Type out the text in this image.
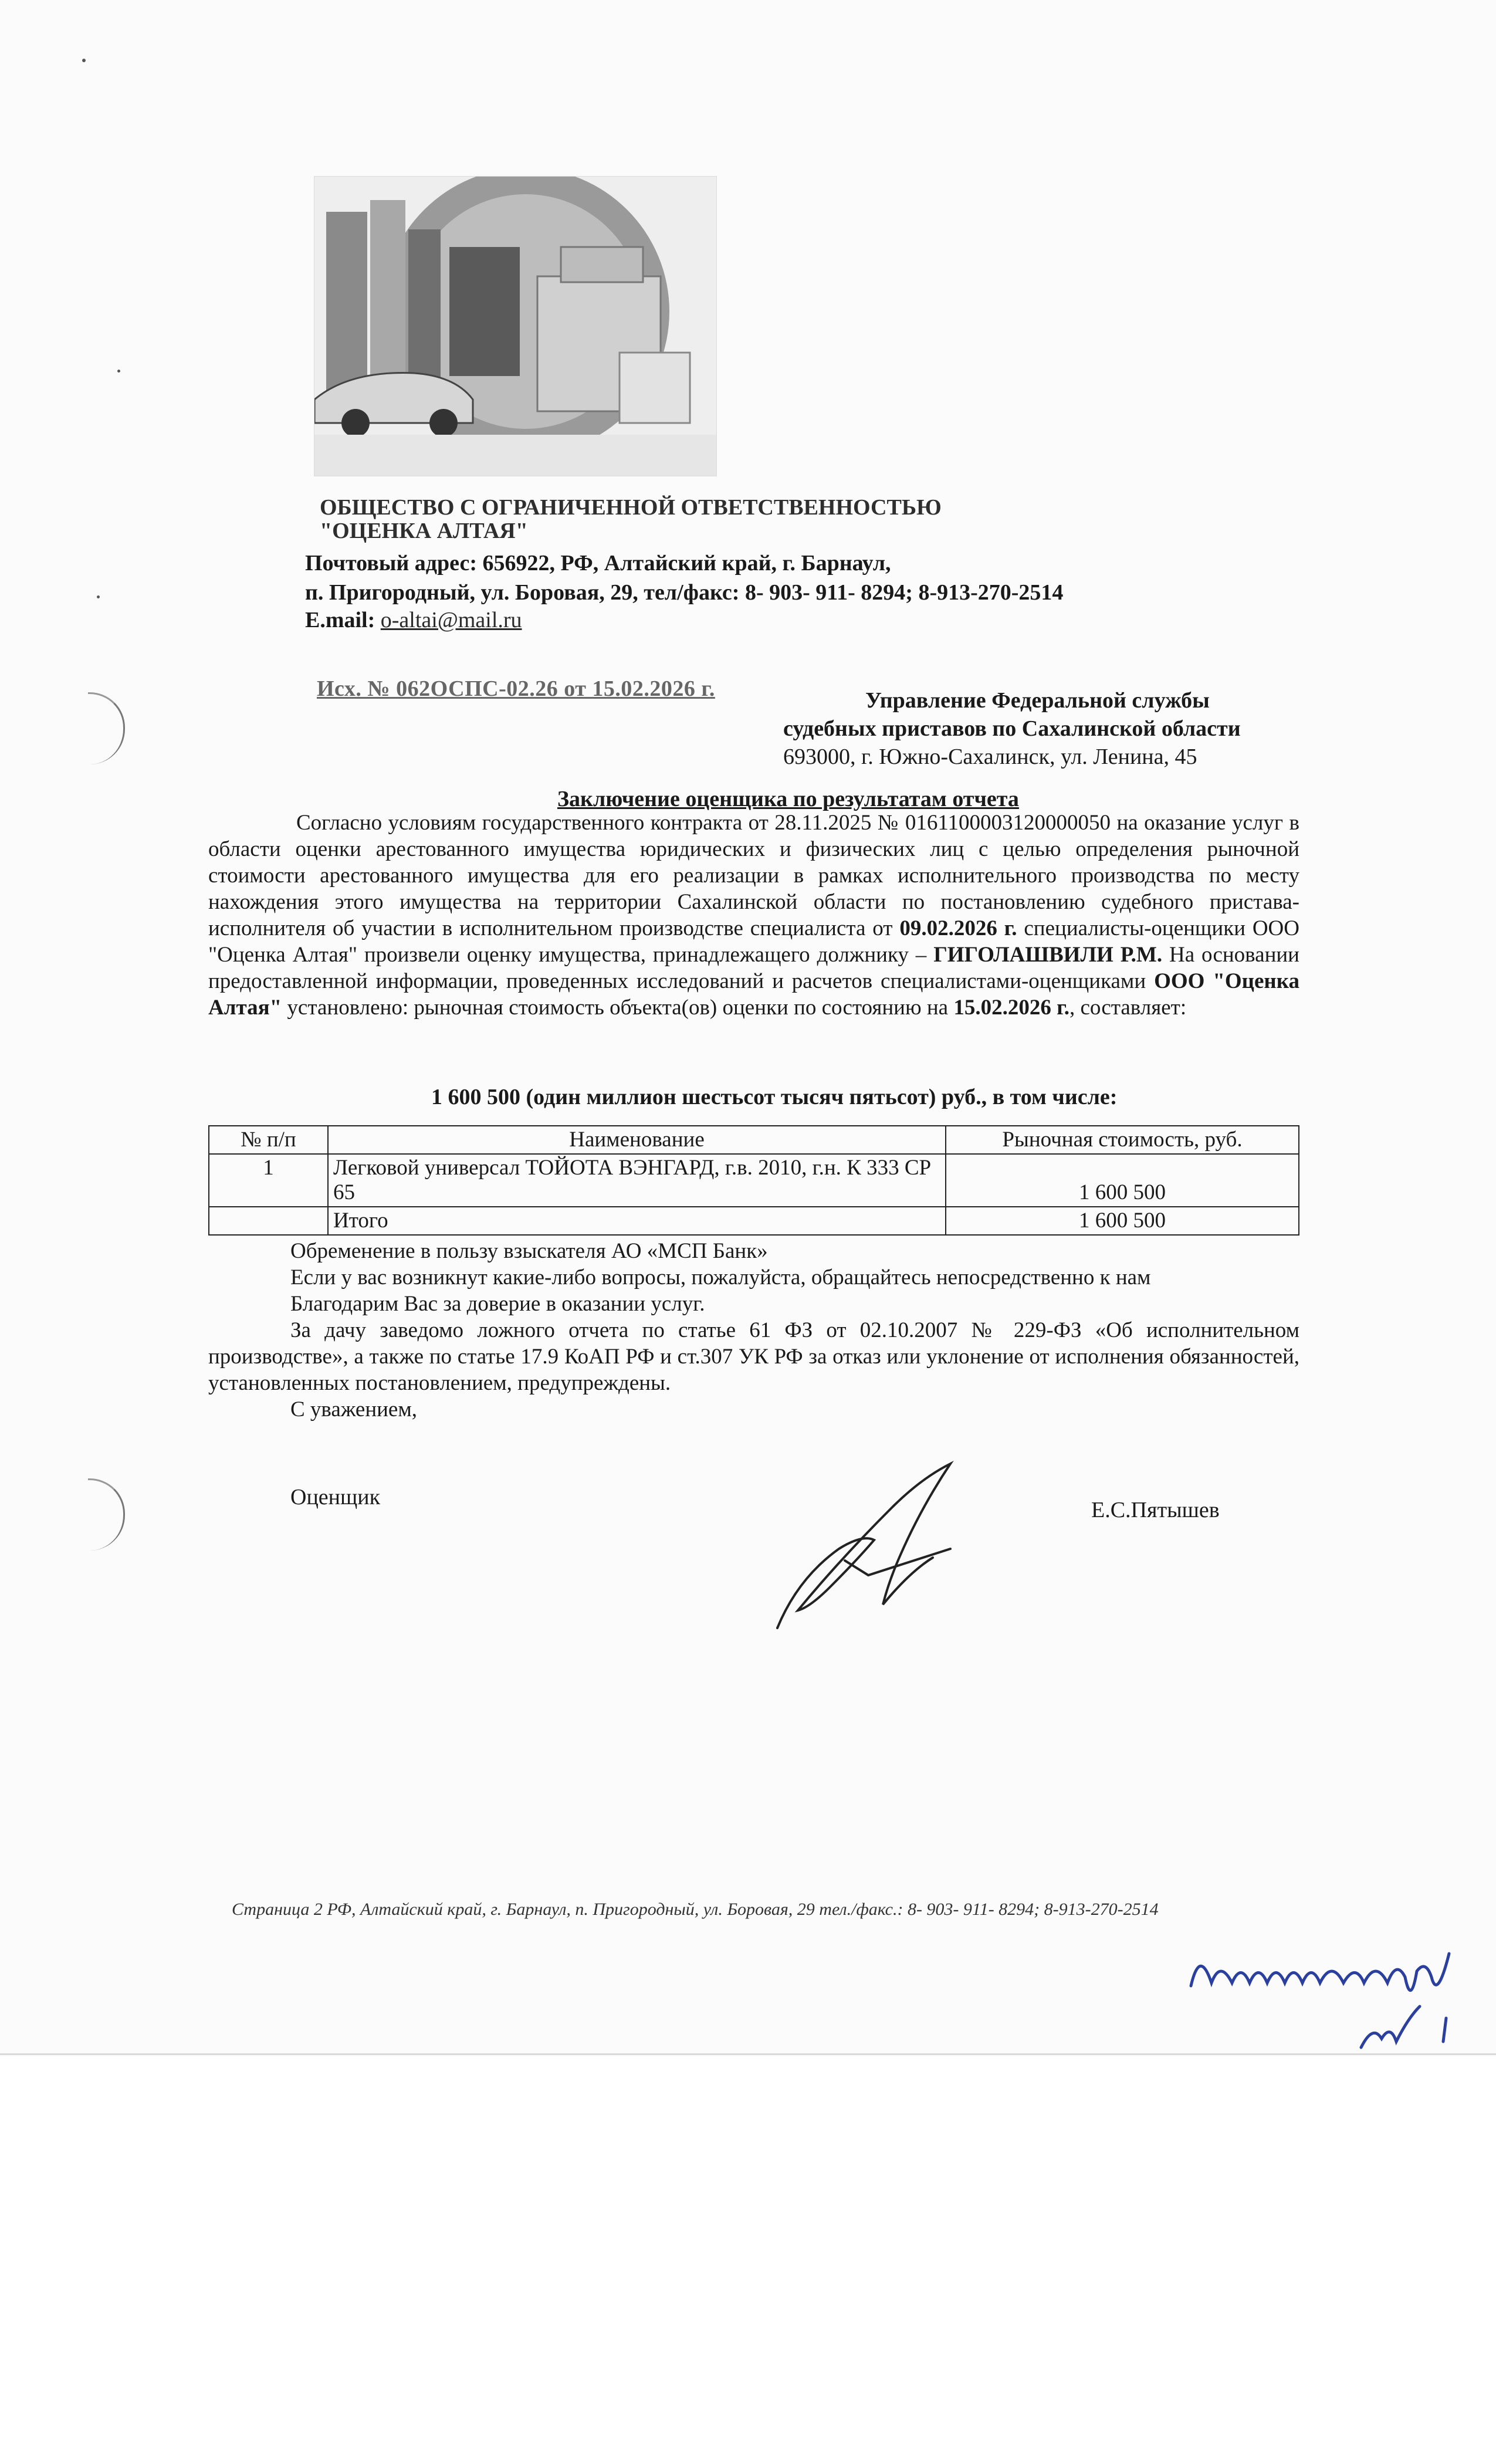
ОБЩЕСТВО С ОГРАНИЧЕННОЙ ОТВЕТСТВЕННОСТЬЮ
"ОЦЕНКА АЛТАЯ"
Почтовый адрес: 656922, РФ, Алтайский край, г. Барнаул,
п. Пригородный, ул. Боровая, 29, тел/факс: 8- 903- 911- 8294; 8-913-270-2514
E.mail: o-altai@mail.ru
Исх. № 062ОСПС-02.26 от 15.02.2026 г.	Управление Федеральной службы
судебных приставов по Сахалинской области
693000, г. Южно-Сахалинск, ул. Ленина, 45
Заключение оценщика по результатам отчета
Согласно условиям государственного контракта от 28.11.2025 № 0161100003120000050 на оказание услуг в области оценки арестованного имущества юридических и физических лиц с целью определения рыночной стоимости арестованного имущества для его реализации в рамках исполнительного производства по месту нахождения этого имущества на территории Сахалинской области по постановлению судебного пристава-исполнителя об участии в исполнительном производстве специалиста от 09.02.2026 г. специалисты-оценщики ООО "Оценка Алтая" произвели оценку имущества, принадлежащего должнику – ГИГОЛАШВИЛИ Р.М. На основании предоставленной информации, проведенных исследований и расчетов специалистами-оценщиками ООО "Оценка Алтая" установлено: рыночная стоимость объекта(ов) оценки по состоянию на 15.02.2026 г., составляет:
1 600 500 (один миллион шестьсот тысяч пятьсот) руб., в том числе:
№ п/п	Наименование	Рыночная стоимость, руб.
1	Легковой универсал ТОЙОТА ВЭНГАРД, г.в. 2010, г.н. К 333 СР 65	1 600 500
	Итого	1 600 500

Обременение в пользу взыскателя АО «МСП Банк»

Если у вас возникнут какие-либо вопросы, пожалуйста, обращайтесь непосредственно к нам

Благодарим Вас за доверие в оказании услуг.

За дачу заведомо ложного отчета по статье 61 ФЗ от 02.10.2007 № 229-ФЗ «Об исполнительном производстве», а также по статье 17.9 КоАП РФ и ст.307 УК РФ за отказ или уклонение от исполнения обязанностей, установленных постановлением, предупреждены.

С уважением,

Оценщик
Е.С.Пятышев
Страница 2 РФ, Алтайский край, г. Барнаул, п. Пригородный, ул. Боровая, 29 тел./факс.: 8- 903- 911- 8294; 8-913-270-2514
